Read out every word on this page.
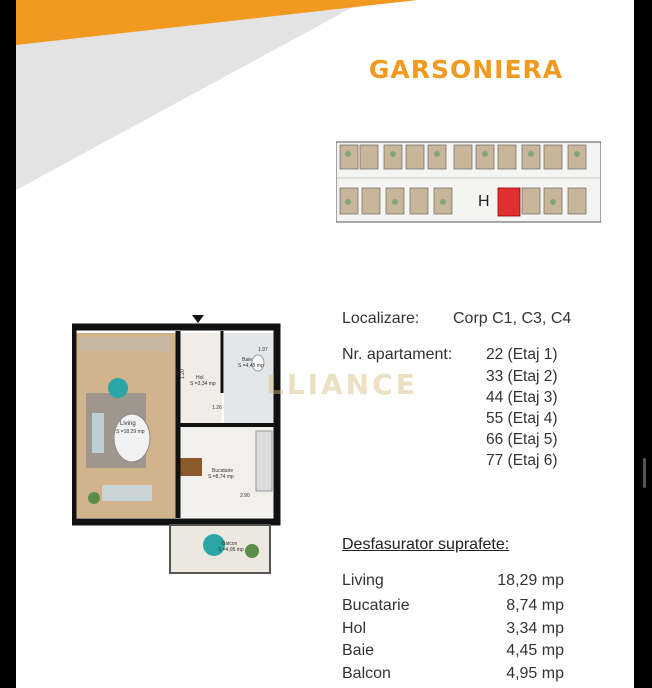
GARSONIERA
H
Living
S =18,29 mp
Hol
S =3,34 mp
Baie
S =4,45 mp
Bucatarie
S =8,74 mp
Balcon
S =4,95 mp
1.97
1.20
1.26
2.90
LLIANCE
Localizare: Corp C1, C3, C4
Nr. apartament: 22 (Etaj 1)
33 (Etaj 2)
44 (Etaj 3)
55 (Etaj 4)
66 (Etaj 5)
77 (Etaj 6)
Desfasurator suprafete:
Living	18,29 mp
Bucatarie	8,74 mp
Hol	3,34 mp
Baie	4,45 mp
Balcon	4,95 mp
